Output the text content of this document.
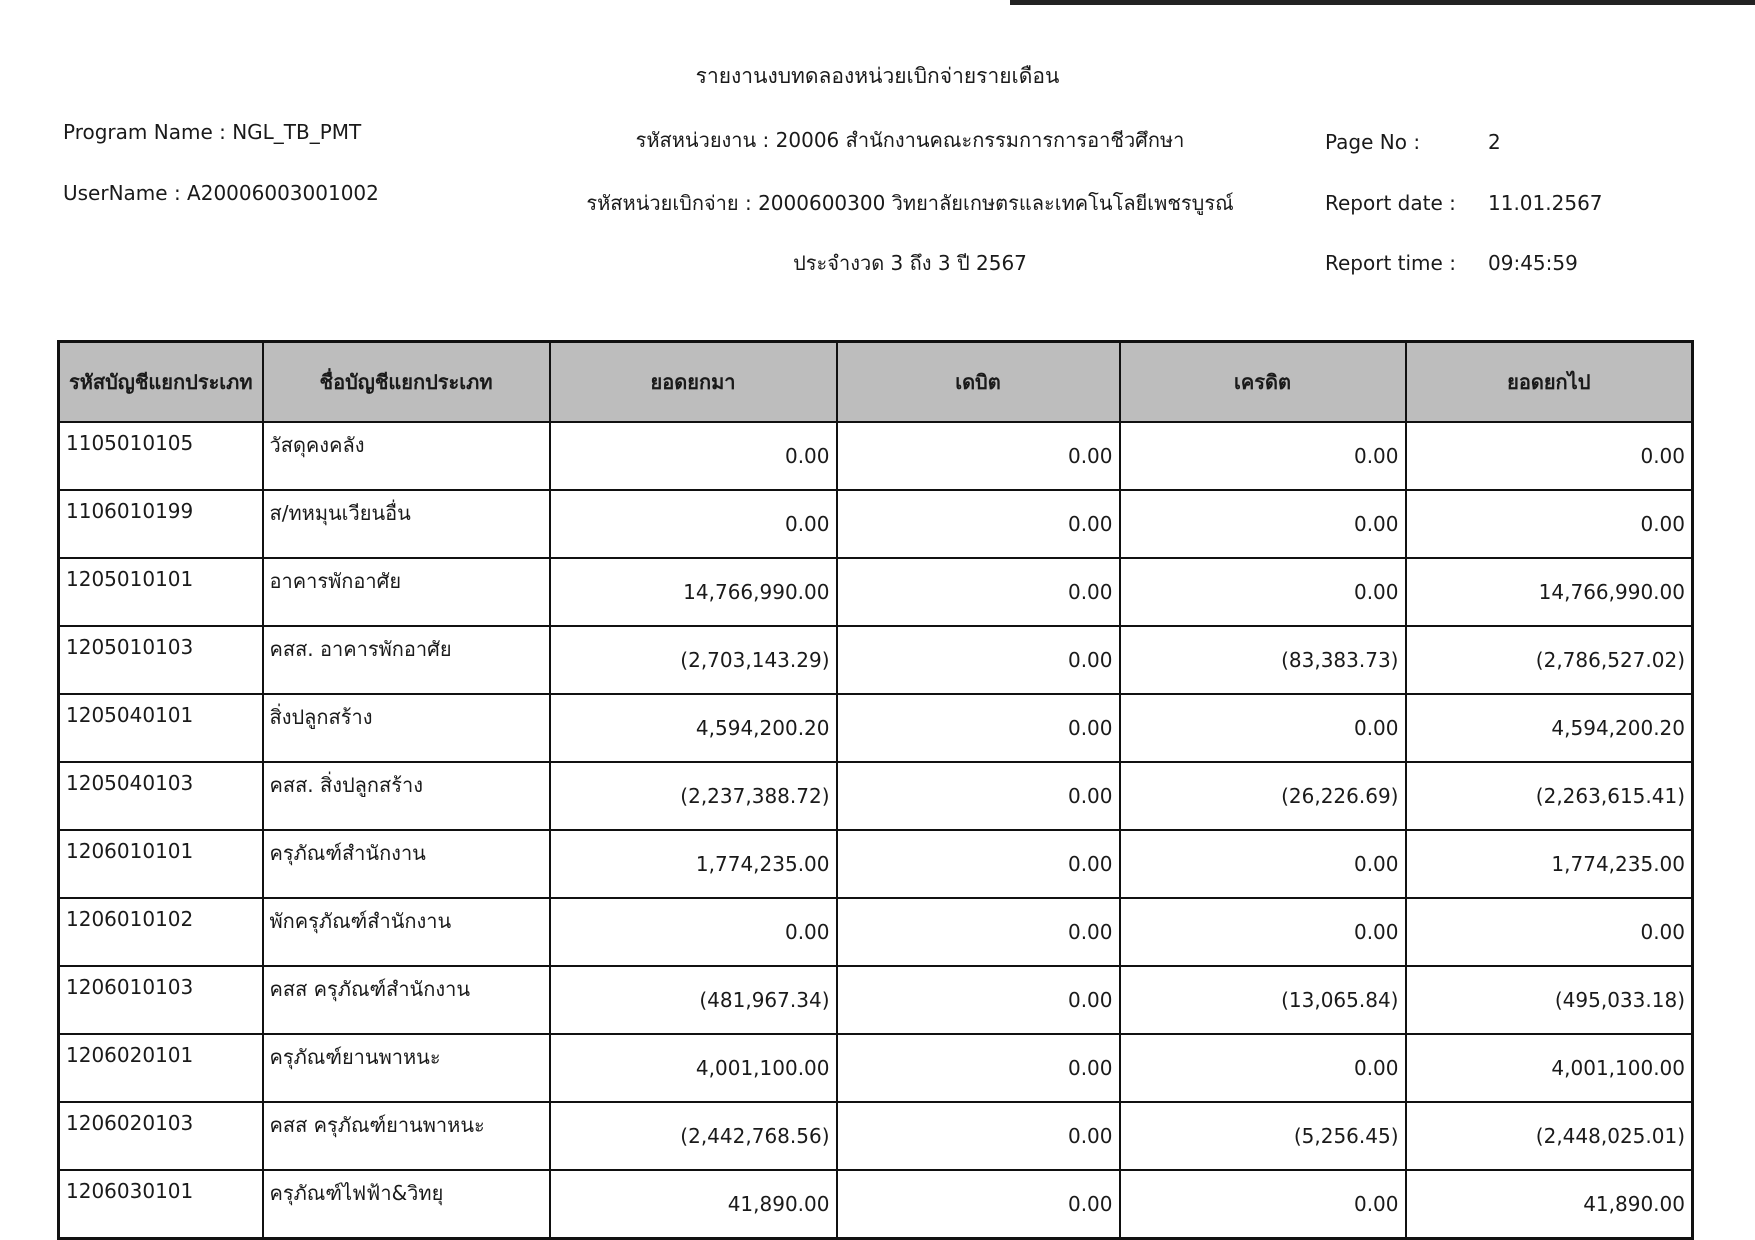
รายงานงบทดลองหน่วยเบิกจ่ายรายเดือน
Program Name : NGL_TB_PMT
UserName : A20006003001002
รหัสหน่วยงาน : 20006 สำนักงานคณะกรรมการการอาชีวศึกษา
รหัสหน่วยเบิกจ่าย : 2000600300 วิทยาลัยเกษตรและเทคโนโลยีเพชรบูรณ์
ประจำงวด 3 ถึง 3 ปี 2567
Page No :	2
Report date : 11.01.2567
Report time : 09:45:59
รหัสบัญชีแยกประเภท	ชื่อบัญชีแยกประเภท	ยอดยกมา	เดบิต	เครดิต	ยอดยกไป
1105010105	วัสดุคงคลัง	0.00	0.00	0.00	0.00
1106010199	ส/ทหมุนเวียนอื่น	0.00	0.00	0.00	0.00
1205010101	อาคารพักอาศัย	14,766,990.00	0.00	0.00	14,766,990.00
1205010103	คสส. อาคารพักอาศัย	(2,703,143.29)	0.00	(83,383.73)	(2,786,527.02)
1205040101	สิ่งปลูกสร้าง	4,594,200.20	0.00	0.00	4,594,200.20
1205040103	คสส. สิ่งปลูกสร้าง	(2,237,388.72)	0.00	(26,226.69)	(2,263,615.41)
1206010101	ครุภัณฑ์สำนักงาน	1,774,235.00	0.00	0.00	1,774,235.00
1206010102	พักครุภัณฑ์สำนักงาน	0.00	0.00	0.00	0.00
1206010103	คสส ครุภัณฑ์สำนักงาน	(481,967.34)	0.00	(13,065.84)	(495,033.18)
1206020101	ครุภัณฑ์ยานพาหนะ	4,001,100.00	0.00	0.00	4,001,100.00
1206020103	คสส ครุภัณฑ์ยานพาหนะ	(2,442,768.56)	0.00	(5,256.45)	(2,448,025.01)
1206030101	ครุภัณฑ์ไฟฟ้า&วิทยุ	41,890.00	0.00	0.00	41,890.00
